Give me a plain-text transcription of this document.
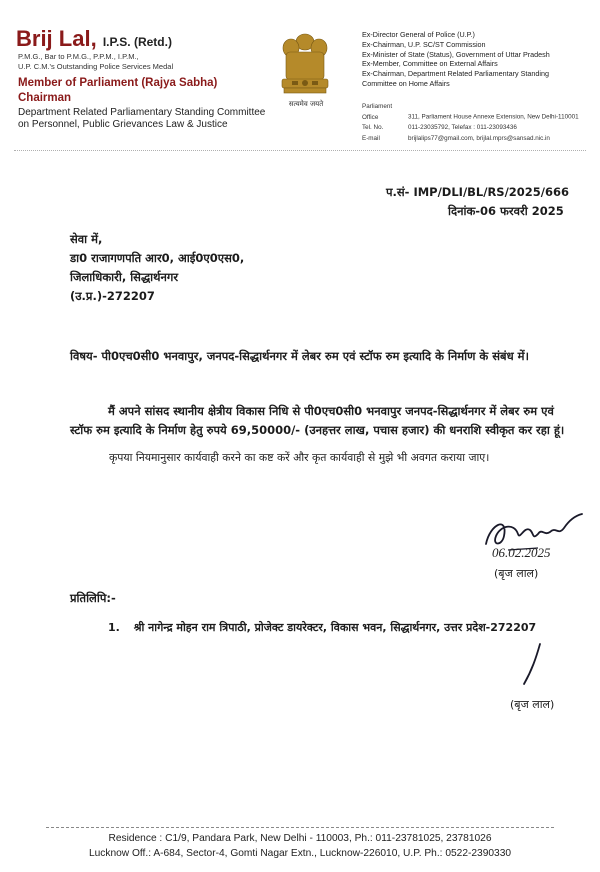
Brij Lal, I.P.S. (Retd.)
P.M.G., Bar to P.M.G., P.P.M., I.P.M.,
U.P. C.M.'s Outstanding Police Services Medal
Member of Parliament (Rajya Sabha)
Chairman
Department Related Parliamentary Standing Committee
on Personnel, Public Grievances Law & Justice
सत्यमेव जयते
Ex-Director General of Police (U.P.)
Ex-Chairman, U.P. SC/ST Commission
Ex-Minister of State (Status), Government of Uttar Pradesh
Ex-Member, Committee on External Affairs
Ex-Chairman, Department Related Parliamentary Standing
Committee on Home Affairs
Parliament Office	311, Parliament House Annexe Extension, New Delhi-110001
Tel. No.	011-23035792, Telefax : 011-23093436
E-mail	brijlalips77@gmail.com, brijlal.mprs@sansad.nic.in
प.सं- IMP/DLI/BL/RS/2025/666
दिनांक-06 फरवरी 2025
सेवा में,
डा0 राजागणपति आर0, आई0ए0एस0,
जिलाधिकारी, सिद्धार्थनगर
(उ.प्र.)-272207
विषय- पी0एच0सी0 भनवापुर, जनपद-सिद्धार्थनगर में लेबर रुम एवं स्टॉफ रुम इत्यादि के निर्माण के संबंध में।
मैं अपने सांसद स्थानीय क्षेत्रीय विकास निधि से पी0एच0सी0 भनवापुर जनपद-सिद्धार्थनगर में लेबर रुम एवं स्टॉफ रुम इत्यादि के निर्माण हेतु रुपये 69,50000/- (उनहत्तर लाख, पचास हजार) की धनराशि स्वीकृत कर रहा हूं।
कृपया नियमानुसार कार्यवाही करने का कष्ट करें और कृत कार्यवाही से मुझे भी अवगत कराया जाए।
06.02.2025
(बृज लाल)
प्रतिलिपि:-
1. श्री नागेन्द्र मोहन राम त्रिपाठी, प्रोजेक्ट डायरेक्टर, विकास भवन, सिद्धार्थनगर, उत्तर प्रदेश-272207
(बृज लाल)
Residence : C1/9, Pandara Park, New Delhi - 110003, Ph.: 011-23781025, 23781026
Lucknow Off.: A-684, Sector-4, Gomti Nagar Extn., Lucknow-226010, U.P. Ph.: 0522-2390330
